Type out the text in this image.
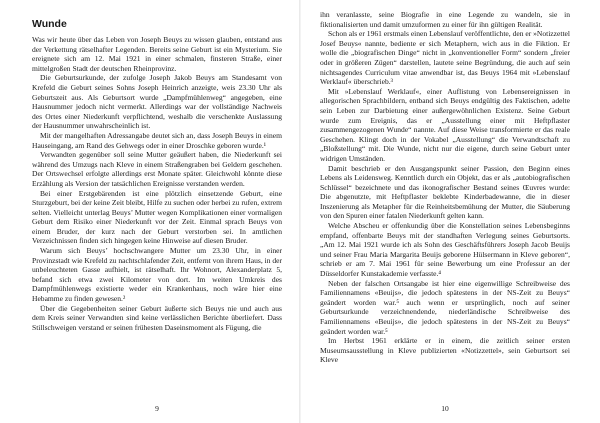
Wunde

Was wir heute über das Leben von Joseph Beuys zu wissen glauben, entstand aus der Verkettung rätselhafter Legenden. Bereits seine Geburt ist ein Mysterium. Sie ereignete sich am 12. Mai 1921 in einer schmalen, finsteren Straße, einer mittelgroßen Stadt der deutschen Rheinprovinz.

Die Geburtsurkunde, der zufolge Joseph Jakob Beuys am Standesamt von Krefeld die Geburt seines Sohns Joseph Heinrich anzeigte, weis 23.30 Uhr als Geburtszeit aus. Als Geburtsort wurde „Dampfmühlenweg“ angegeben, eine Hausnummer jedoch nicht vermerkt. Allerdings war der vollständige Nachweis des Ortes einer Niederkunft verpflichtend, weshalb die verschenkte Auslassung der Hausnummer unwahrscheinlich ist.

Mit der mangelhaften Adressangabe deutet sich an, dass Joseph Beuys in einem Hauseingang, am Rand des Gehwegs oder in einer Droschke geboren wurde.¹

Verwandten gegenüber soll seine Mutter geäußert haben, die Niederkunft sei während des Umzugs nach Kleve in einem Straßengraben bei Geldern geschehen. Der Ortswechsel erfolgte allerdings erst Monate später. Gleichwohl könnte diese Erzählung als Version der tatsächlichen Ereignisse verstanden werden.

Bei einer Erstgebärenden ist eine plötzlich einsetzende Geburt, eine Sturzgeburt, bei der keine Zeit bleibt, Hilfe zu suchen oder herbei zu rufen, extrem selten. Vielleicht unterlag Beuys’ Mutter wegen Komplikationen einer vormaligen Geburt dem Risiko einer Niederkunft vor der Zeit. Einmal sprach Beuys von einem Bruder, der kurz nach der Geburt verstorben sei. In amtlichen Verzeichnissen finden sich hingegen keine Hinweise auf diesen Bruder.

Warum sich Beuys’ hochschwangere Mutter um 23.30 Uhr, in einer Provinzstadt wie Krefeld zu nachtschlafender Zeit, entfernt von ihrem Haus, in der unbeleuchteten Gasse aufhielt, ist rätselhaft. Ihr Wohnort, Alexanderplatz 5, befand sich etwa zwei Kilometer von dort. Im weiten Umkreis des Dampfmühlenwegs existierte weder ein Krankenhaus, noch wäre hier eine Hebamme zu finden gewesen.²

Über die Gegebenheiten seiner Geburt äußerte sich Beuys nie und auch aus dem Kreis seiner Verwandten sind keine verlässlichen Berichte überliefert. Dass Stillschweigen verstand er seinen frühesten Daseinsmoment als Fügung, die

9

ihn veranlasste, seine Biografie in eine Legende zu wandeln, sie in fiktionalisierten und damit umzuformen zu einer für ihn gültigen Realität.

Schon als er 1961 erstmals einen Lebenslauf veröffentlichte, den er »Notizzettel Josef Beuys« nannte, bediente er sich Metaphern, wich aus in die Fiktion. Er wolle die „biografischen Dinge“ nicht in „konventioneller Form“ sondern „freier oder in größeren Zügen“ darstellen, lautete seine Begründung, die auch auf sein nichtsagendes Curriculum vitae anwendbar ist, das Beuys 1964 mit »Lebenslauf Werklauf« überschrieb.³

Mit »Lebenslauf Werklauf«, einer Auflistung von Lebensereignissen in allegorischen Sprachbildern, entband sich Beuys endgültig des Faktischen, adelte sein Leben zur Darbietung einer außergewöhnlichen Existenz. Seine Geburt wurde zum Ereignis, das er „Ausstellung einer mit Heftpflaster zusammengezogenen Wunde“ nannte. Auf diese Weise transformierte er das reale Geschehen. Klingt doch in der Vokabel „Ausstellung“ die Verwandtschaft zu „Bloßstellung“ mit. Die Wunde, nicht nur die eigene, durch seine Geburt unter widrigen Umständen.

Damit beschrieb er den Ausgangspunkt seiner Passion, den Beginn eines Lebens als Leidensweg. Kenntlich durch ein Objekt, das er als „autobiografischen Schlüssel“ bezeichnete und das ikonografischer Bestand seines Œuvres wurde: Die abgenutzte, mit Heftpflaster beklebte Kinderbadewanne, die in dieser Inszenierung als Metapher für die Reinheitsbemühung der Mutter, die Säuberung von den Spuren einer fatalen Niederkunft gelten kann.

Welche Abscheu er offenkundig über die Konstellation seines Lebensbeginns empfand, offenbarte Beuys mit der standhaften Verlegung seines Geburtsorts. „Am 12. Mai 1921 wurde ich als Sohn des Geschäftsführers Joseph Jacob Beuijs und seiner Frau Maria Margarita Beuijs geborene Hülsermann in Kleve geboren“, schrieb er am 7. Mai 1961 für seine Bewerbung um eine Professur an der Düsseldorfer Kunstakademie verfasste.⁴

Neben der falschen Ortsangabe ist hier eine eigenwillige Schreibweise des Familiennamens «Beuijs», die jedoch spätestens in der NS-Zeit zu Beuys“ geändert worden war.⁵ auch wenn er ursprünglich, noch auf seiner Geburtsurkunde verzeichnendende, niederländische Schreibweise des Familiennamens «Beuijs», die jedoch spätestens in der NS-Zeit zu Beuys“ geändert worden war.⁵

Im Herbst 1961 erklärte er in einem, die zeitlich seiner ersten Museumsausstellung in Kleve publizierten «Notizzettel», sein Geburtsort sei Kleve

10
